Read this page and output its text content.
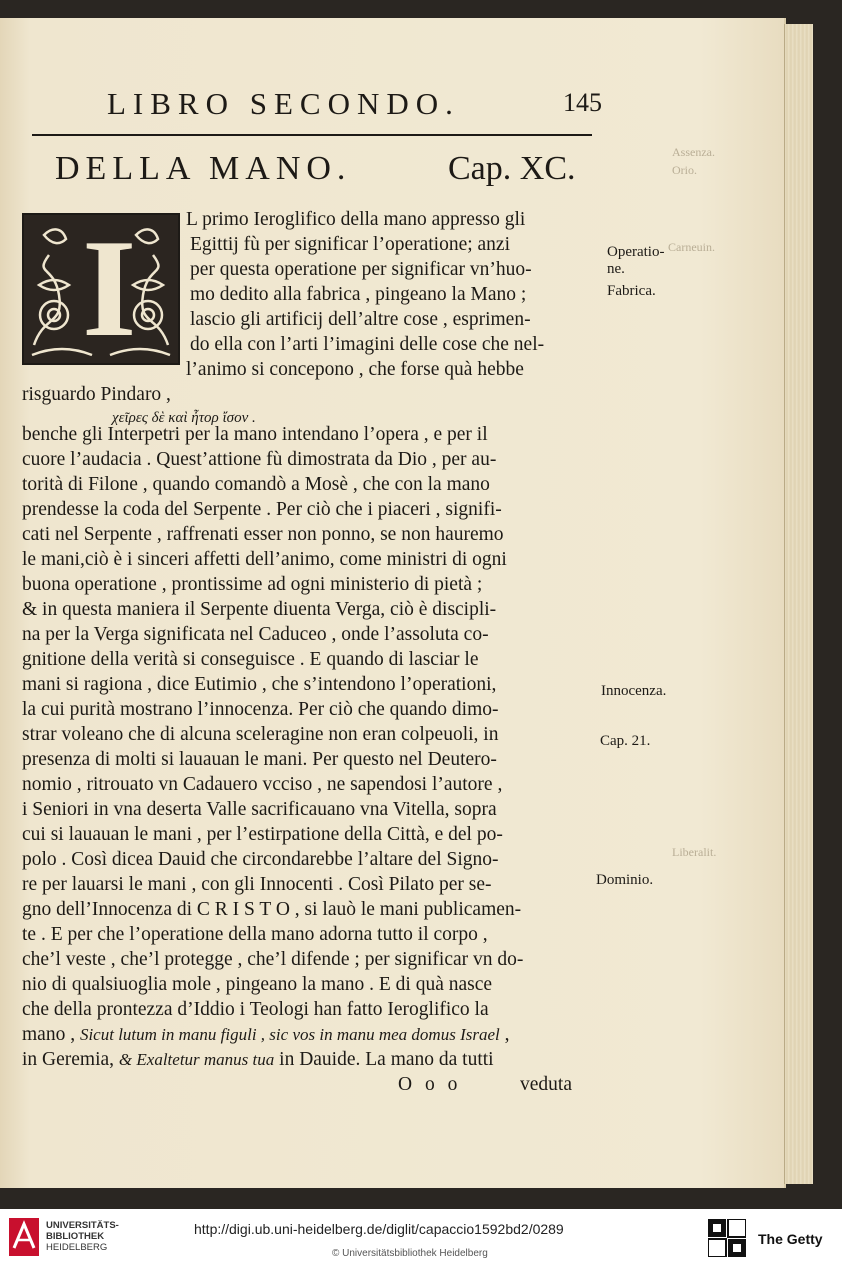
Assenza.
Orio.
Carneuin.
Liberalit.
LIBRO SECONDO.	145
DELLA MANO.	Cap. XC.
I	L primo Ieroglifico della mano appresso gli
Egittij fù per significar l’operatione; anzi
per questa operatione per significar vn’huo-
mo dedito alla fabrica , pingeano la Mano ;
lascio gli artificij dell’altre cose , esprimen-
do ella con l’arti l’imagini delle cose che nel-
l’animo si concepono , che forse quà hebbe
risguardo Pindaro ,
χεῖρες δὲ καὶ ἦτορ ἴσον .
benche gli Interpetri per la mano intendano l’opera , e per il
cuore l’audacia . Quest’attione fù dimostrata da Dio , per au-
torità di Filone , quando comandò a Mosè , che con la mano
prendesse la coda del Serpente . Per ciò che i piaceri , signifi-
cati nel Serpente , raffrenati esser non ponno, se non hauremo
le mani,ciò è i sinceri affetti dell’animo, come ministri di ogni
buona operatione , prontissime ad ogni ministerio di pietà ;
& in questa maniera il Serpente diuenta Verga, ciò è discipli-
na per la Verga significata nel Caduceo , onde l’assoluta co-
gnitione della verità si conseguisce . E quando di lasciar le
mani si ragiona , dice Eutimio , che s’intendono l’operationi,
la cui purità mostrano l’innocenza. Per ciò che quando dimo-
strar voleano che di alcuna sceleragine non eran colpeuoli, in
presenza di molti si lauauan le mani. Per questo nel Deutero-
nomio , ritrouato vn Cadauero vcciso , ne sapendosi l’autore ,
i Seniori in vna deserta Valle sacrificauano vna Vitella, sopra
cui si lauauan le mani , per l’estirpatione della Città, e del po-
polo . Così dicea Dauid che circondarebbe l’altare del Signo-
re per lauarsi le mani , con gli Innocenti . Così Pilato per se-
gno dell’Innocenza di C R I S T O , si lauò le mani publicamen-
te . E per che l’operatione della mano adorna tutto il corpo ,
che’l veste , che’l protegge , che’l difende ; per significar vn do-
nio di qualsiuoglia mole , pingeano la mano . E di quà nasce
che della prontezza d’Iddio i Teologi han fatto Ieroglifico la
mano , Sicut lutum in manu figuli , sic vos in manu mea domus Israel ,
in Geremia, & Exaltetur manus tua in Dauide. La mano da tutti
O o o	veduta
Operatio-
ne.
Fabrica.
Innocenza.
Cap. 21.
Dominio.
UNIVERSITÄTS-
BIBLIOTHEK
HEIDELBERG
http://digi.ub.uni-heidelberg.de/diglit/capaccio1592bd2/0289
© Universitätsbibliothek Heidelberg
The Getty
